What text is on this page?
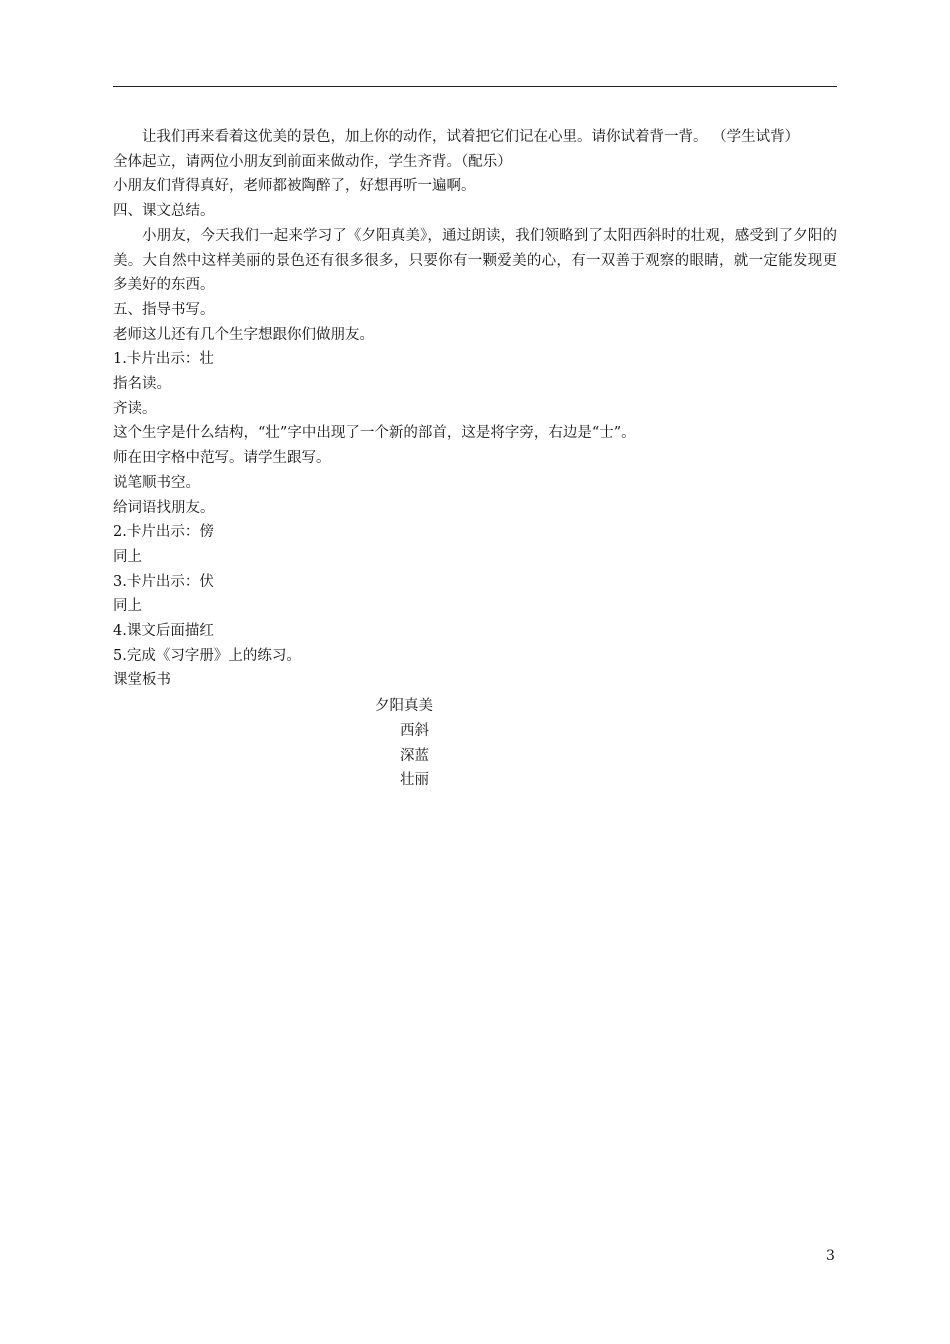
让我们再来看着这优美的景色，加上你的动作，试着把它们记在心里。请你试着背一背。 （学生试背）

全体起立，请两位小朋友到前面来做动作，学生齐背。（配乐）

小朋友们背得真好，老师都被陶醉了，好想再听一遍啊。

四、课文总结。

小朋友，今天我们一起来学习了《夕阳真美》，通过朗读，我们领略到了太阳西斜时的壮观，感受到了夕阳的美。大自然中这样美丽的景色还有很多很多，只要你有一颗爱美的心，有一双善于观察的眼睛，就一定能发现更多美好的东西。

五、指导书写。

老师这儿还有几个生字想跟你们做朋友。

1.卡片出示：壮

指名读。

齐读。

这个生字是什么结构，“壮”字中出现了一个新的部首，这是将字旁，右边是“士”。

师在田字格中范写。请学生跟写。

说笔顺书空。

给词语找朋友。

2.卡片出示：傍

同上

3.卡片出示：伏

同上

4.课文后面描红

5.完成《习字册》上的练习。

课堂板书

夕阳真美

西斜

深蓝

壮丽

3
